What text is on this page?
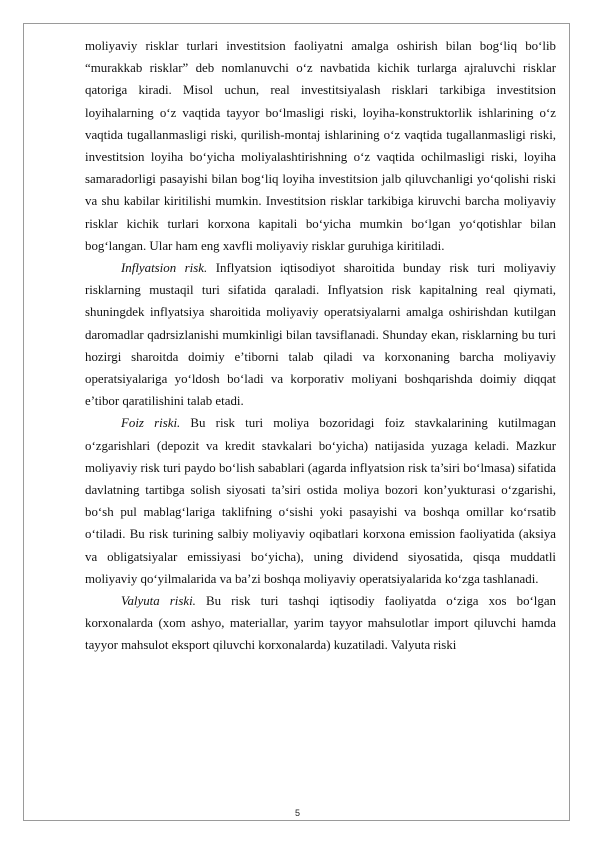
moliyaviy risklar turlari investitsion faoliyatni amalga oshirish bilan bog‘liq bo‘lib “murakkab risklar” deb nomlanuvchi o‘z navbatida kichik turlarga ajraluvchi risklar qatoriga kiradi. Misol uchun, real investitsiyalash risklari tarkibiga investitsion loyihalarning o‘z vaqtida tayyor bo‘lmasligi riski, loyiha-konstruktorlik ishlarining o‘z vaqtida tugallanmasligi riski, qurilish-montaj ishlarining o‘z vaqtida tugallanmasligi riski, investitsion loyiha bo‘yicha moliyalashtirishning o‘z vaqtida ochilmasligi riski, loyiha samaradorligi pasayishi bilan bog‘liq loyiha investitsion jalb qiluvchanligi yo‘qolishi riski va shu kabilar kiritilishi mumkin. Investitsion risklar tarkibiga kiruvchi barcha moliyaviy risklar kichik turlari korxona kapitali bo‘yicha mumkin bo‘lgan yo‘qotishlar bilan bog‘langan. Ular ham eng xavfli moliyaviy risklar guruhiga kiritiladi.

Inflyatsion risk. Inflyatsion iqtisodiyot sharoitida bunday risk turi moliyaviy risklarning mustaqil turi sifatida qaraladi. Inflyatsion risk kapitalning real qiymati, shuningdek inflyatsiya sharoitida moliyaviy operatsiyalarni amalga oshirishdan kutilgan daromadlar qadrsizlanishi mumkinligi bilan tavsiflanadi. Shunday ekan, risklarning bu turi hozirgi sharoitda doimiy e’tiborni talab qiladi va korxonaning barcha moliyaviy operatsiyalariga yo‘ldosh bo‘ladi va korporativ moliyani boshqarishda doimiy diqqat e’tibor qaratilishini talab etadi.

Foiz riski. Bu risk turi moliya bozoridagi foiz stavkalarining kutilmagan o‘zgarishlari (depozit va kredit stavkalari bo‘yicha) natijasida yuzaga keladi. Mazkur moliyaviy risk turi paydo bo‘lish sabablari (agarda inflyatsion risk ta’siri bo‘lmasa) sifatida davlatning tartibga solish siyosati ta’siri ostida moliya bozori kon’yukturasi o‘zgarishi, bo‘sh pul mablag‘lariga taklifning o‘sishi yoki pasayishi va boshqa omillar ko‘rsatib o‘tiladi. Bu risk turining salbiy moliyaviy oqibatlari korxona emission faoliyatida (aksiya va obligatsiyalar emissiyasi bo‘yicha), uning dividend siyosatida, qisqa muddatli moliyaviy qo‘yilmalarida va ba’zi boshqa moliyaviy operatsiyalarida ko‘zga tashlanadi.

Valyuta riski. Bu risk turi tashqi iqtisodiy faoliyatda o‘ziga xos bo‘lgan korxonalarda (xom ashyo, materiallar, yarim tayyor mahsulotlar import qiluvchi hamda tayyor mahsulot eksport qiluvchi korxonalarda) kuzatiladi. Valyuta riski

5
